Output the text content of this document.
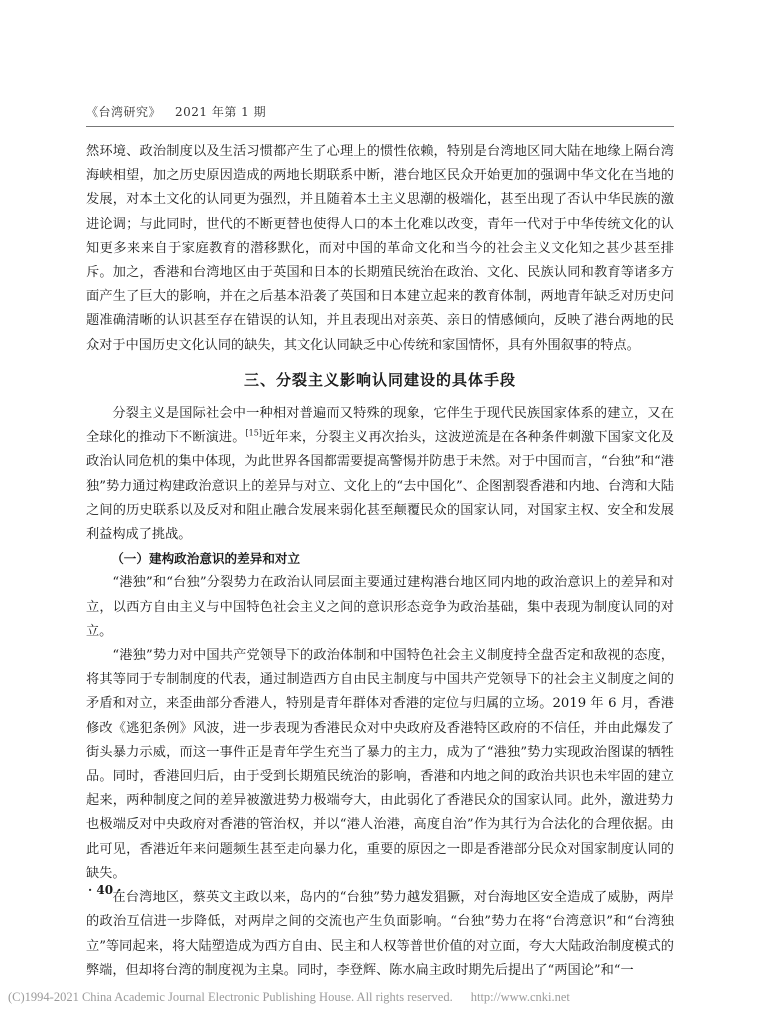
《台湾研究》 2021 年第 1 期

然环境、政治制度以及生活习惯都产生了心理上的惯性依赖，特别是台湾地区同大陆在地缘上隔台湾海峡相望，加之历史原因造成的两地长期联系中断，港台地区民众开始更加的强调中华文化在当地的发展，对本土文化的认同更为强烈，并且随着本土主义思潮的极端化，甚至出现了否认中华民族的激进论调；与此同时，世代的不断更替也使得人口的本土化难以改变，青年一代对于中华传统文化的认知更多来来自于家庭教育的潜移默化，而对中国的革命文化和当今的社会主义文化知之甚少甚至排斥。加之，香港和台湾地区由于英国和日本的长期殖民统治在政治、文化、民族认同和教育等诸多方面产生了巨大的影响，并在之后基本沿袭了英国和日本建立起来的教育体制，两地青年缺乏对历史问题准确清晰的认识甚至存在错误的认知，并且表现出对亲英、亲日的情感倾向，反映了港台两地的民众对于中国历史文化认同的缺失，其文化认同缺乏中心传统和家国情怀，具有外围叙事的特点。

三、分裂主义影响认同建设的具体手段

分裂主义是国际社会中一种相对普遍而又特殊的现象，它伴生于现代民族国家体系的建立，又在全球化的推动下不断演进。[15]近年来，分裂主义再次抬头，这波逆流是在各种条件刺激下国家文化及政治认同危机的集中体现，为此世界各国都需要提高警惕并防患于未然。对于中国而言，“台独”和“港独”势力通过构建政治意识上的差异与对立、文化上的“去中国化”、企图割裂香港和内地、台湾和大陆之间的历史联系以及反对和阻止融合发展来弱化甚至颠覆民众的国家认同，对国家主权、安全和发展利益构成了挑战。

（一）建构政治意识的差异和对立

“港独”和“台独”分裂势力在政治认同层面主要通过建构港台地区同内地的政治意识上的差异和对立，以西方自由主义与中国特色社会主义之间的意识形态竞争为政治基础，集中表现为制度认同的对立。

“港独”势力对中国共产党领导下的政治体制和中国特色社会主义制度持全盘否定和敌视的态度，将其等同于专制制度的代表，通过制造西方自由民主制度与中国共产党领导下的社会主义制度之间的矛盾和对立，来歪曲部分香港人，特别是青年群体对香港的定位与归属的立场。2019 年 6 月，香港修改《逃犯条例》风波，进一步表现为香港民众对中央政府及香港特区政府的不信任，并由此爆发了街头暴力示威，而这一事件正是青年学生充当了暴力的主力，成为了“港独”势力实现政治图谋的牺牲品。同时，香港回归后，由于受到长期殖民统治的影响，香港和内地之间的政治共识也未牢固的建立起来，两种制度之间的差异被激进势力极端夸大，由此弱化了香港民众的国家认同。此外，激进势力也极端反对中央政府对香港的管治权，并以“港人治港，高度自治”作为其行为合法化的合理依据。由此可见，香港近年来问题频生甚至走向暴力化，重要的原因之一即是香港部分民众对国家制度认同的缺失。

在台湾地区，蔡英文主政以来，岛内的“台独”势力越发猖獗，对台海地区安全造成了威胁，两岸的政治互信进一步降低，对两岸之间的交流也产生负面影响。“台独”势力在将“台湾意识”和“台湾独立”等同起来，将大陆塑造成为西方自由、民主和人权等普世价值的对立面，夸大大陆政治制度模式的弊端，但却将台湾的制度视为主臬。同时，李登辉、陈水扁主政时期先后提出了“两国论”和“一

· 40 ·
(C)1994-2021 China Academic Journal Electronic Publishing House. All rights reserved. http://www.cnki.net
